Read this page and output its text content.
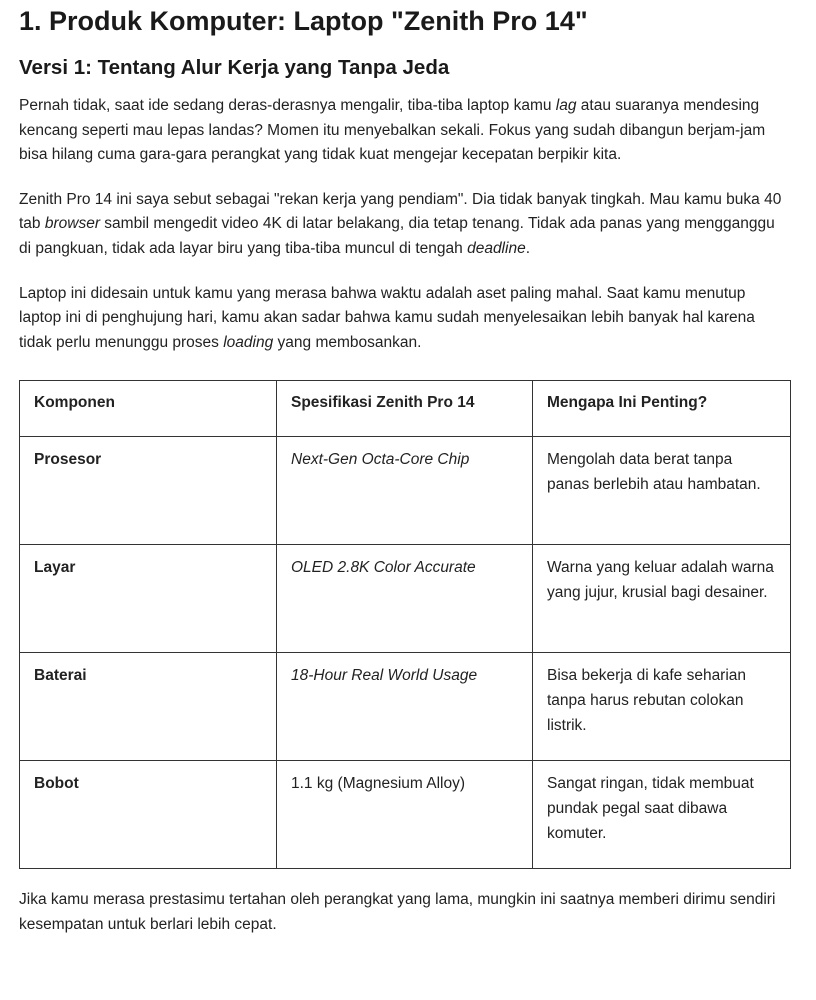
1. Produk Komputer: Laptop "Zenith Pro 14"
Versi 1: Tentang Alur Kerja yang Tanpa Jeda

Pernah tidak, saat ide sedang deras-derasnya mengalir, tiba-tiba laptop kamu lag atau suaranya mendesing kencang seperti mau lepas landas? Momen itu menyebalkan sekali. Fokus yang sudah dibangun berjam-jam bisa hilang cuma gara-gara perangkat yang tidak kuat mengejar kecepatan berpikir kita.

Zenith Pro 14 ini saya sebut sebagai "rekan kerja yang pendiam". Dia tidak banyak tingkah. Mau kamu buka 40 tab browser sambil mengedit video 4K di latar belakang, dia tetap tenang. Tidak ada panas yang mengganggu di pangkuan, tidak ada layar biru yang tiba-tiba muncul di tengah deadline.

Laptop ini didesain untuk kamu yang merasa bahwa waktu adalah aset paling mahal. Saat kamu menutup laptop ini di penghujung hari, kamu akan sadar bahwa kamu sudah menyelesaikan lebih banyak hal karena tidak perlu menunggu proses loading yang membosankan.

Komponen	Spesifikasi Zenith Pro 14	Mengapa Ini Penting?
Prosesor	Next-Gen Octa-Core Chip	Mengolah data berat tanpa panas berlebih atau hambatan.
Layar	OLED 2.8K Color Accurate	Warna yang keluar adalah warna yang jujur, krusial bagi desainer.
Baterai	18-Hour Real World Usage	Bisa bekerja di kafe seharian tanpa harus rebutan colokan listrik.
Bobot	1.1 kg (Magnesium Alloy)	Sangat ringan, tidak membuat pundak pegal saat dibawa komuter.

Jika kamu merasa prestasimu tertahan oleh perangkat yang lama, mungkin ini saatnya memberi dirimu sendiri kesempatan untuk berlari lebih cepat.
